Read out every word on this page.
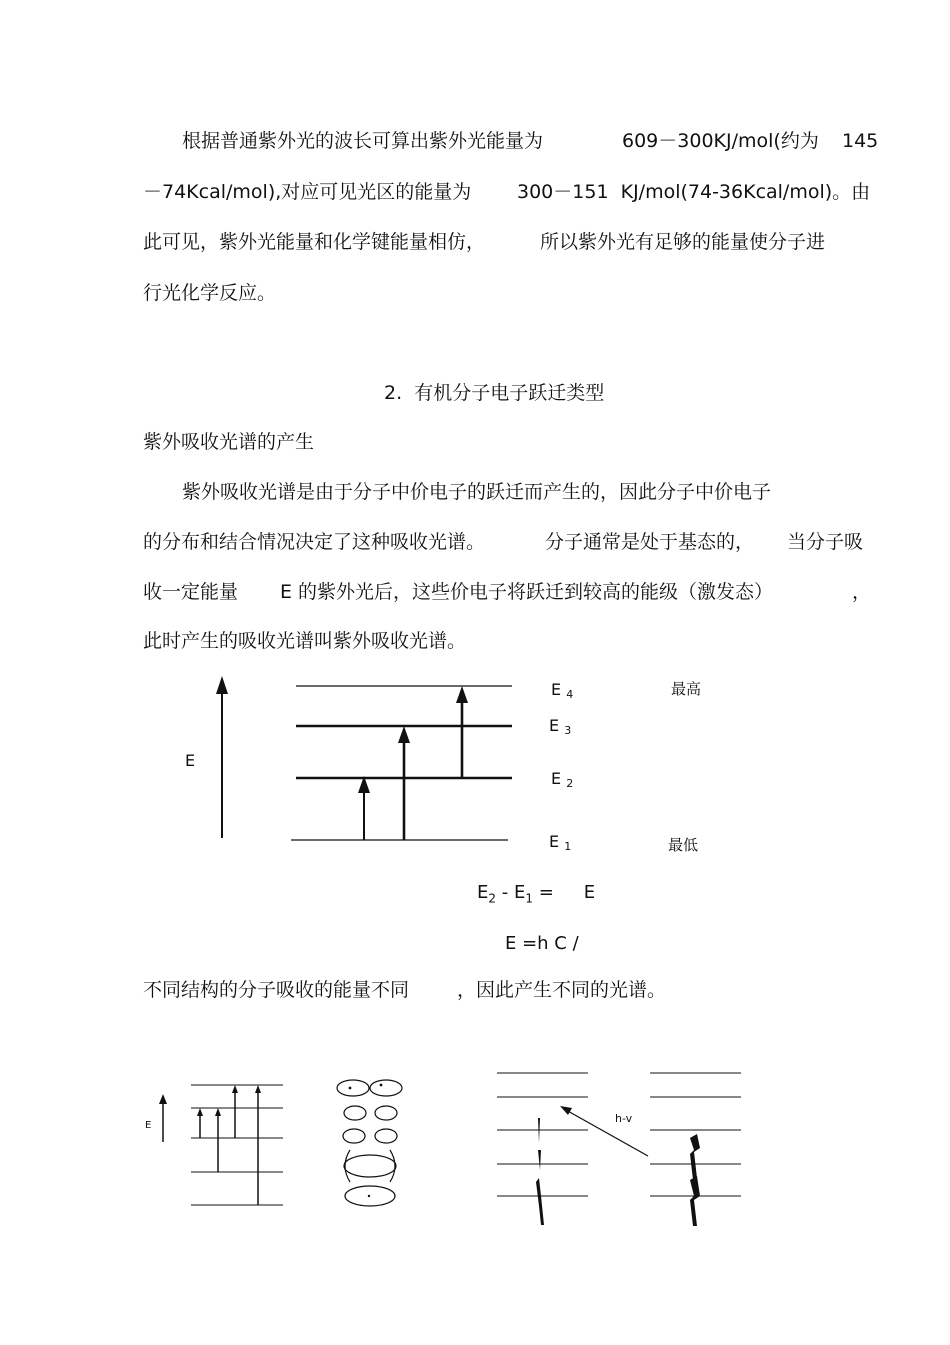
根据普通紫外光的波长可算出紫外光能量为	609－300KJ/mol(约为 145
－74Kcal/mol),对应可见光区的能量为 300－151  KJ/mol(74-36Kcal/mol)。由
此可见，紫外光能量和化学键能量相仿，	所以紫外光有足够的能量使分子进
行光化学反应。
2.  有机分子电子跃迁类型
紫外吸收光谱的产生
紫外吸收光谱是由于分子中价电子的跃迁而产生的，因此分子中价电子
的分布和结合情况决定了这种吸收光谱。	分子通常是处于基态的， 当分子吸
收一定能量 E 的紫外光后，这些价电子将跃迁到较高的能级（激发态）	，
此时产生的吸收光谱叫紫外吸收光谱。
E
E $_4$
E $_3$
E $_2$
E $_1$
最高
最低
$E_2 - E_1 = E$
E =h C /
不同结构的分子吸收的能量不同	，因此产生不同的光谱。
E
h-v
